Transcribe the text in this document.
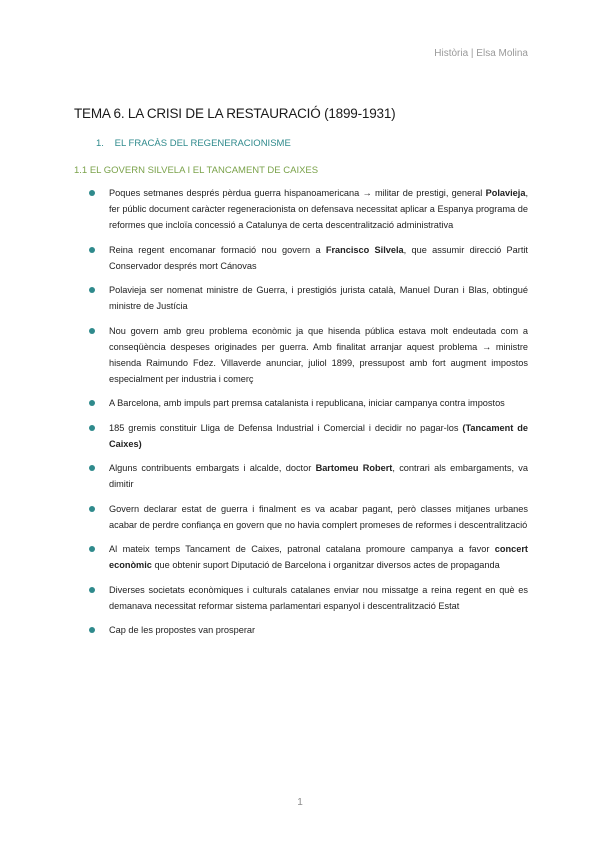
Història | Elsa Molina
TEMA 6. LA CRISI DE LA RESTAURACIÓ (1899-1931)
1. EL FRACÀS DEL REGENERACIONISME
1.1 EL GOVERN SILVELA I EL TANCAMENT DE CAIXES
Poques setmanes després pèrdua guerra hispanoamericana → militar de prestigi, general Polavieja, fer públic document caràcter regeneracionista on defensava necessitat aplicar a Espanya programa de reformes que incloïa concessió a Catalunya de certa descentralització administrativa
Reina regent encomanar formació nou govern a Francisco Silvela, que assumir direcció Partit Conservador després mort Cánovas
Polavieja ser nomenat ministre de Guerra, i prestigiós jurista català, Manuel Duran i Blas, obtingué ministre de Justícia
Nou govern amb greu problema econòmic ja que hisenda pública estava molt endeutada com a conseqüència despeses originades per guerra. Amb finalitat arranjar aquest problema → ministre hisenda Raimundo Fdez. Villaverde anunciar, juliol 1899, pressupost amb fort augment impostos especialment per industria i comerç
A Barcelona, amb impuls part premsa catalanista i republicana, iniciar campanya contra impostos
185 gremis constituir Lliga de Defensa Industrial i Comercial i decidir no pagar-los (Tancament de Caixes)
Alguns contribuents embargats i alcalde, doctor Bartomeu Robert, contrari als embargaments, va dimitir
Govern declarar estat de guerra i finalment es va acabar pagant, però classes mitjanes urbanes acabar de perdre confiança en govern que no havia complert promeses de reformes i descentralització
Al mateix temps Tancament de Caixes, patronal catalana promoure campanya a favor concert econòmic que obtenir suport Diputació de Barcelona i organitzar diversos actes de propaganda
Diverses societats econòmiques i culturals catalanes enviar nou missatge a reina regent en què es demanava necessitat reformar sistema parlamentari espanyol i descentralització Estat
Cap de les propostes van prosperar
1
